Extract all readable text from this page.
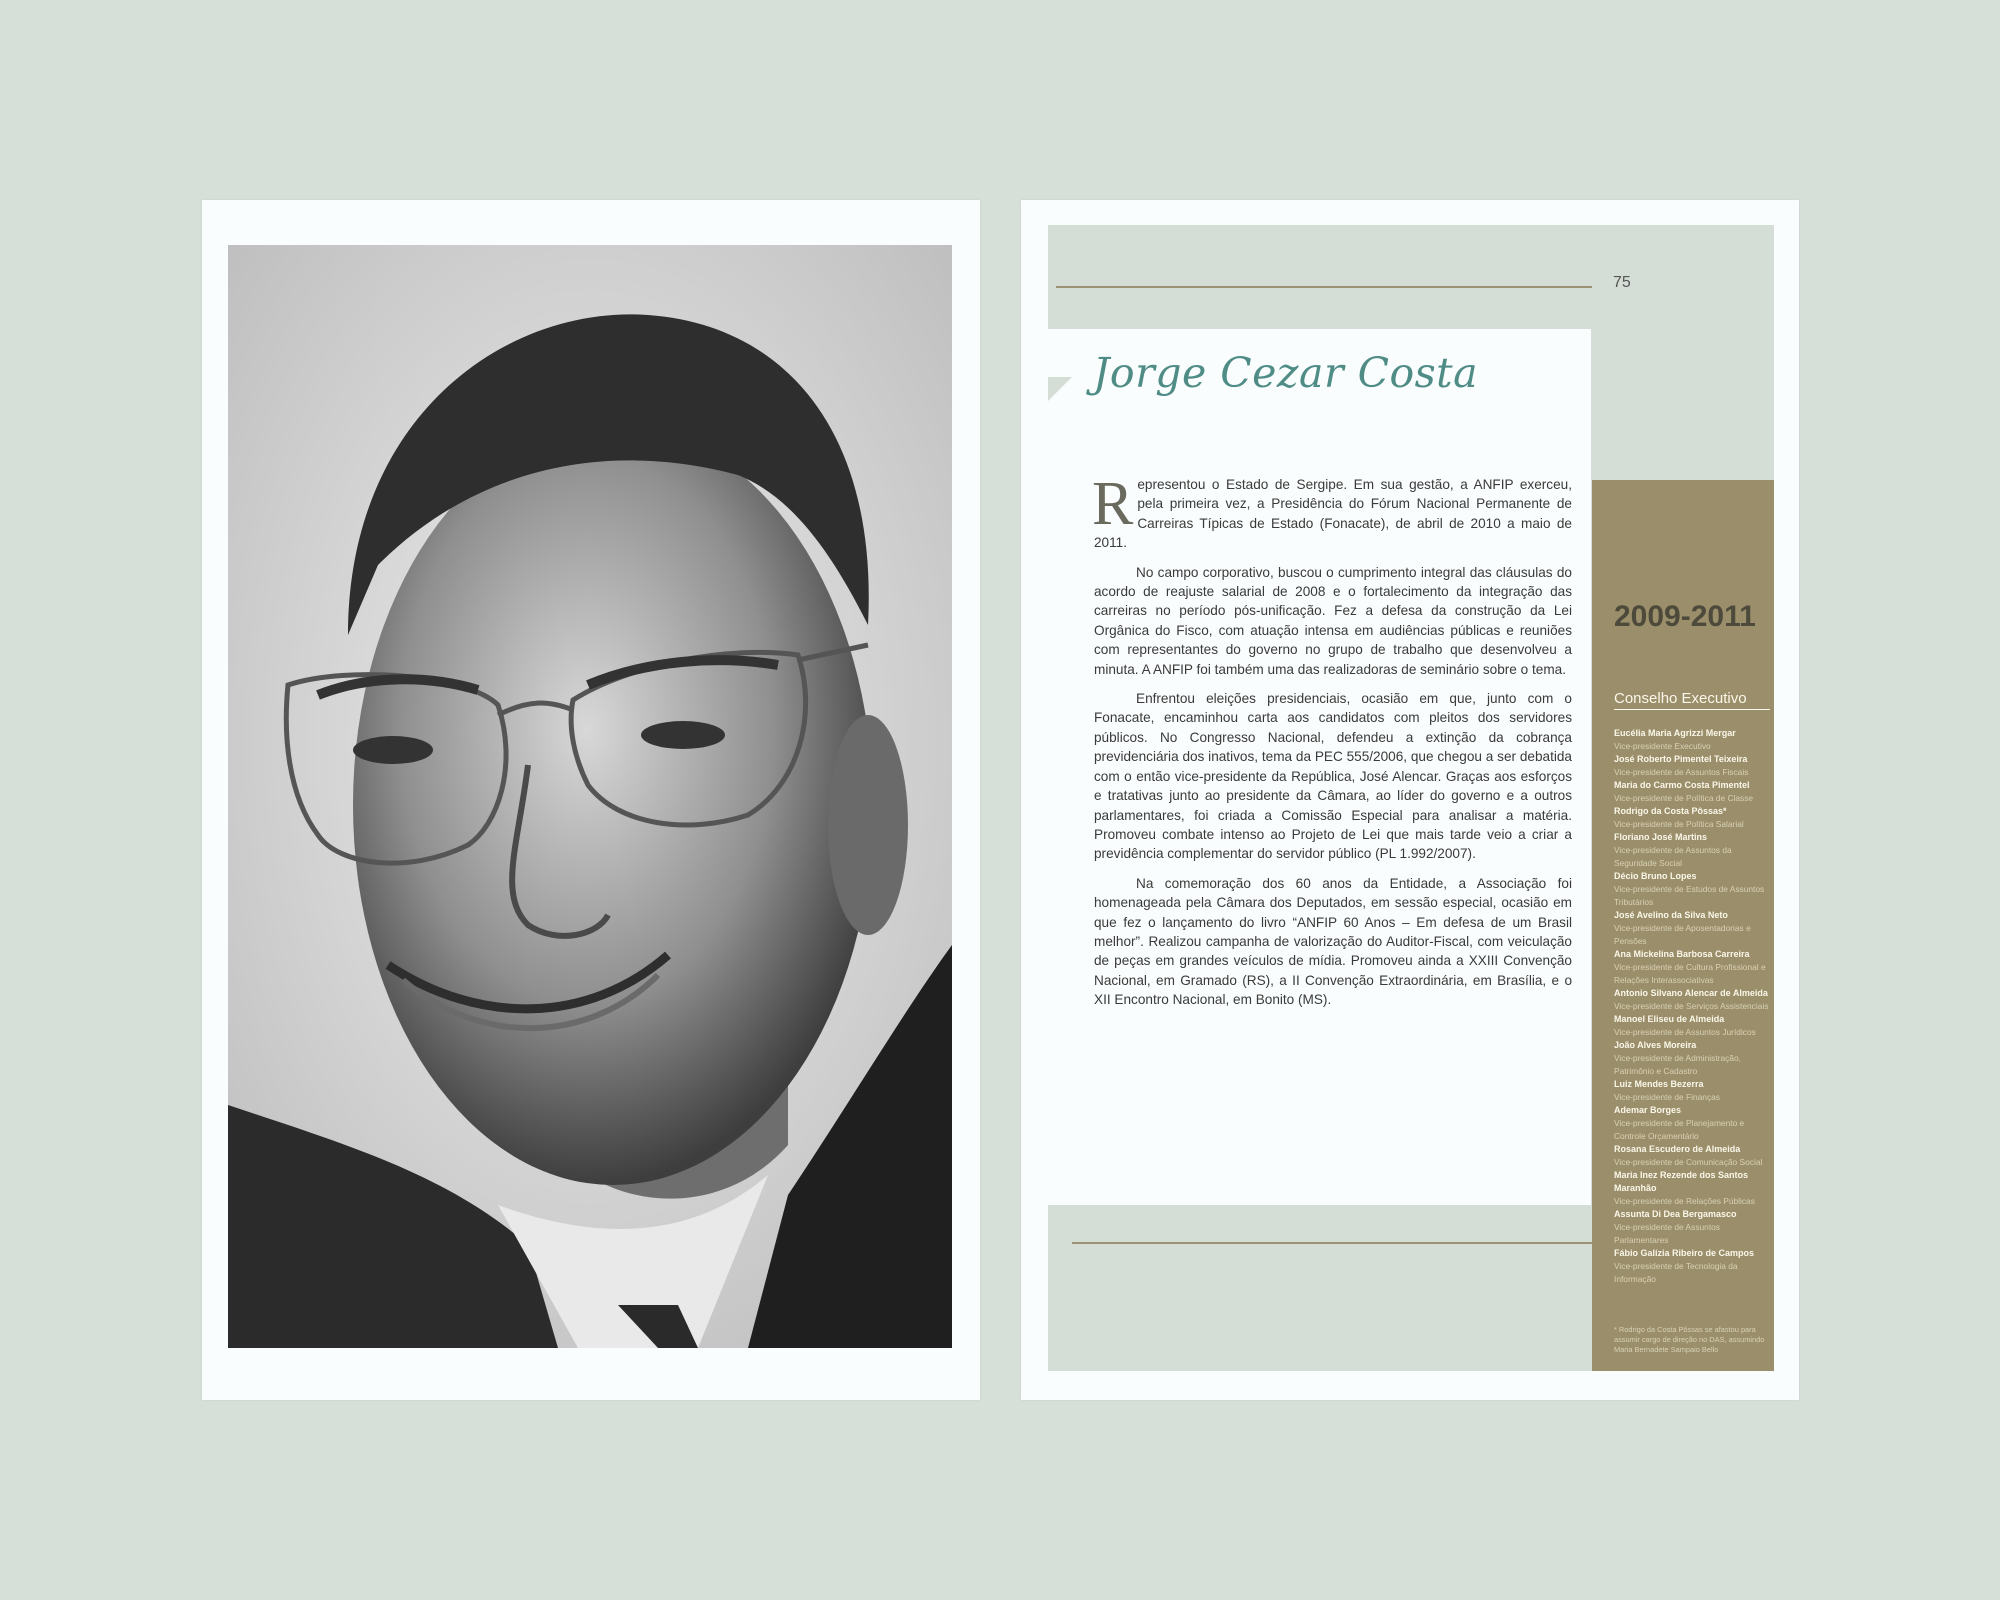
75
Jorge Cezar Costa

Representou o Estado de Sergipe. Em sua gestão, a ANFIP exerceu, pela primeira vez, a Presidência do Fórum Nacional Permanente de Carreiras Típicas de Estado (Fonacate), de abril de 2010 a maio de 2011.

No campo corporativo, buscou o cumprimento integral das cláusulas do acordo de reajuste salarial de 2008 e o fortalecimento da integração das carreiras no período pós-unificação. Fez a defesa da construção da Lei Orgânica do Fisco, com atuação intensa em audiências públicas e reuniões com representantes do governo no grupo de trabalho que desenvolveu a minuta. A ANFIP foi também uma das realizadoras de seminário sobre o tema.

Enfrentou eleições presidenciais, ocasião em que, junto com o Fonacate, encaminhou carta aos candidatos com pleitos dos servidores públicos. No Congresso Nacional, defendeu a extinção da cobrança previdenciária dos inativos, tema da PEC 555/2006, que chegou a ser debatida com o então vice-presidente da República, José Alencar. Graças aos esforços e tratativas junto ao presidente da Câmara, ao líder do governo e a outros parlamentares, foi criada a Comissão Especial para analisar a matéria. Promoveu combate intenso ao Projeto de Lei que mais tarde veio a criar a previdência complementar do servidor público (PL 1.992/2007).

Na comemoração dos 60 anos da Entidade, a Associação foi homenageada pela Câmara dos Deputados, em sessão especial, ocasião em que fez o lançamento do livro “ANFIP 60 Anos – Em defesa de um Brasil melhor”. Realizou campanha de valorização do Auditor-Fiscal, com veiculação de peças em grandes veículos de mídia. Promoveu ainda a XXIII Convenção Nacional, em Gramado (RS), a II Convenção Extraordinária, em Brasília, e o XII Encontro Nacional, em Bonito (MS).

2009-2011
Conselho Executivo
Eucélia Maria Agrizzi Mergar
Vice-presidente Executivo
José Roberto Pimentel Teixeira
Vice-presidente de Assuntos Fiscais
Maria do Carmo Costa Pimentel
Vice-presidente de Política de Classe
Rodrigo da Costa Pôssas*
Vice-presidente de Política Salarial
Floriano José Martins
Vice-presidente de Assuntos da Seguridade Social
Décio Bruno Lopes
Vice-presidente de Estudos de Assuntos Tributários
José Avelino da Silva Neto
Vice-presidente de Aposentadorias e Pensões
Ana Mickelina Barbosa Carreira
Vice-presidente de Cultura Profissional e Relações Interassociativas
Antonio Silvano Alencar de Almeida
Vice-presidente de Serviços Assistenciais
Manoel Eliseu de Almeida
Vice-presidente de Assuntos Jurídicos
João Alves Moreira
Vice-presidente de Administração, Patrimônio e Cadastro
Luiz Mendes Bezerra
Vice-presidente de Finanças
Ademar Borges
Vice-presidente de Planejamento e Controle Orçamentário
Rosana Escudero de Almeida
Vice-presidente de Comunicação Social
Maria Inez Rezende dos Santos Maranhão
Vice-presidente de Relações Públicas
Assunta Di Dea Bergamasco
Vice-presidente de Assuntos Parlamentares
Fábio Galízia Ribeiro de Campos
Vice-presidente de Tecnologia da Informação
* Rodrigo da Costa Pôssas se afastou para assumir cargo de direção no DAS, assumindo Maria Bernadete Sampaio Bello
